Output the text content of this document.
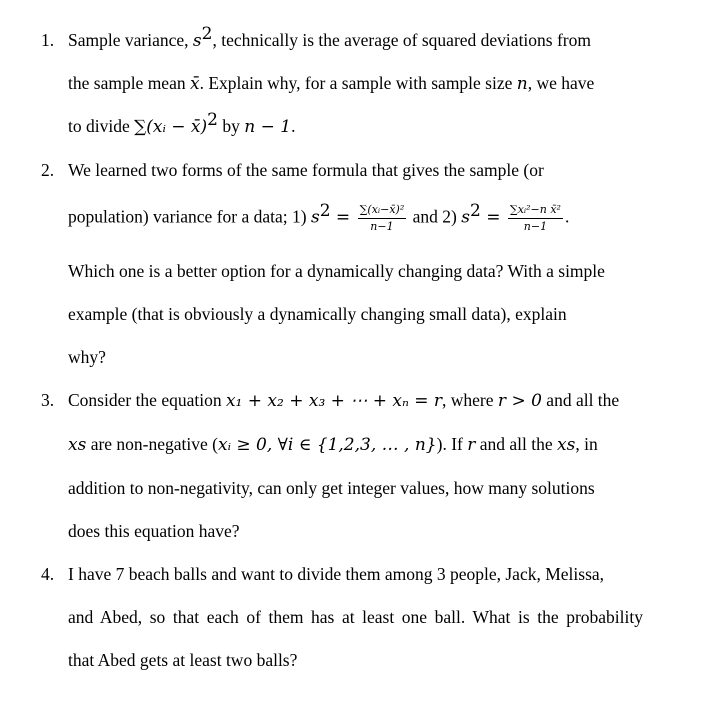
1. Sample variance, $s^2$, technically is the average of squared deviations from
the sample mean x̄. Explain why, for a sample with sample size n, we have
to divide ∑(xᵢ − x̄)$^2$ by n − 1.
2. We learned two forms of the same formula that gives the sample (or
population) variance for a data; 1) $s^2 = \frac{\text{∑(xᵢ−x̄)²}}{n-1}$ and 2) $s^2 = \frac{\text{∑xᵢ²−n x̄²}}{n-1}$ .
Which one is a better option for a dynamically changing data? With a simple
example (that is obviously a dynamically changing small data), explain
why?
3. Consider the equation x₁ + x₂ + x₃ + ⋯ + xₙ = r, where r > 0 and all the
xs are non-negative (xᵢ ≥ 0, ∀i ∈ {1,2,3, … , n}). If r and all the xs, in
addition to non-negativity, can only get integer values, how many solutions
does this equation have?
4. I have 7 beach balls and want to divide them among 3 people, Jack, Melissa,
and Abed, so that each of them has at least one ball. What is the probability
that Abed gets at least two balls?
